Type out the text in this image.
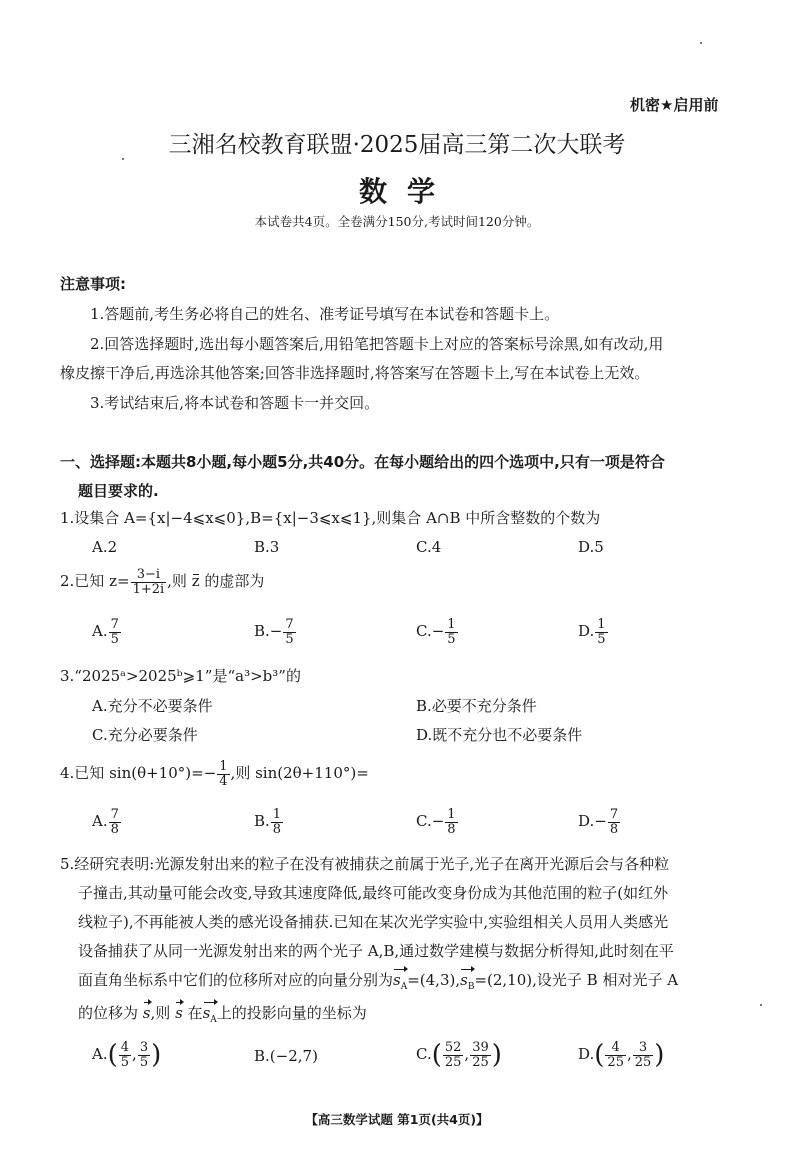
机密★启用前
三湘名校教育联盟·2025届高三第二次大联考
数学
本试卷共4页。全卷满分150分,考试时间120分钟。
注意事项:
1.答题前,考生务必将自己的姓名、准考证号填写在本试卷和答题卡上。
2.回答选择题时,选出每小题答案后,用铅笔把答题卡上对应的答案标号涂黑,如有改动,用
橡皮擦干净后,再选涂其他答案;回答非选择题时,将答案写在答题卡上,写在本试卷上无效。
3.考试结束后,将本试卷和答题卡一并交回。
一、选择题:本题共8小题,每小题5分,共40分。在每小题给出的四个选项中,只有一项是符合
题目要求的.
1.设集合 A={x|−4⩽x⩽0},B={x|−3⩽x⩽1},则集合 A∩B 中所含整数的个数为
A.2	B.3	C.4	D.5
2.已知 $z= \frac{3-i}{1+2i}$ ,则 z 的虚部为
A. $\frac{7}{5}$	$B.- \frac{7}{5}$	$C.- \frac{1}{5}$	D. $\frac{1}{5}$
3.“2025ᵃ>2025ᵇ⩾1”是“a³>b³”的
A.充分不必要条件	B.必要不充分条件
C.充分必要条件	D.既不充分也不必要条件
4.已知 $\sin(\theta+10^\circ)=- \frac{1}{4}$ ,则 sin(2θ+110°)=
A. $\frac{7}{8}$	B. $\frac{1}{8}$	$C.- \frac{1}{8}$	$D.- \frac{7}{8}$
5.经研究表明:光源发射出来的粒子在没有被捕获之前属于光子,光子在离开光源后会与各种粒
子撞击,其动量可能会改变,导致其速度降低,最终可能改变身份成为其他范围的粒子(如红外
线粒子),不再能被人类的感光设备捕获.已知在某次光学实验中,实验组相关人员用人类感光
设备捕获了从同一光源发射出来的两个光子 A,B,通过数学建模与数据分析得知,此时刻在平
面直角坐标系中它们的位移所对应的向量分别为$s_A=(4,3),s_B=(2,10)$,设光子 B 相对光子 A
的位移为 s,则 s 在$s_A$上的投影向量的坐标为
$A.( \frac{4}{5}$ , $\frac{3}{5}$ )	B.(−2,7)	$C.( \frac{52}{25}$ , $\frac{39}{25}$ )	$D.( \frac{4}{25}$ , $\frac{3}{25}$ )
【高三数学试题 第1页(共4页)】
